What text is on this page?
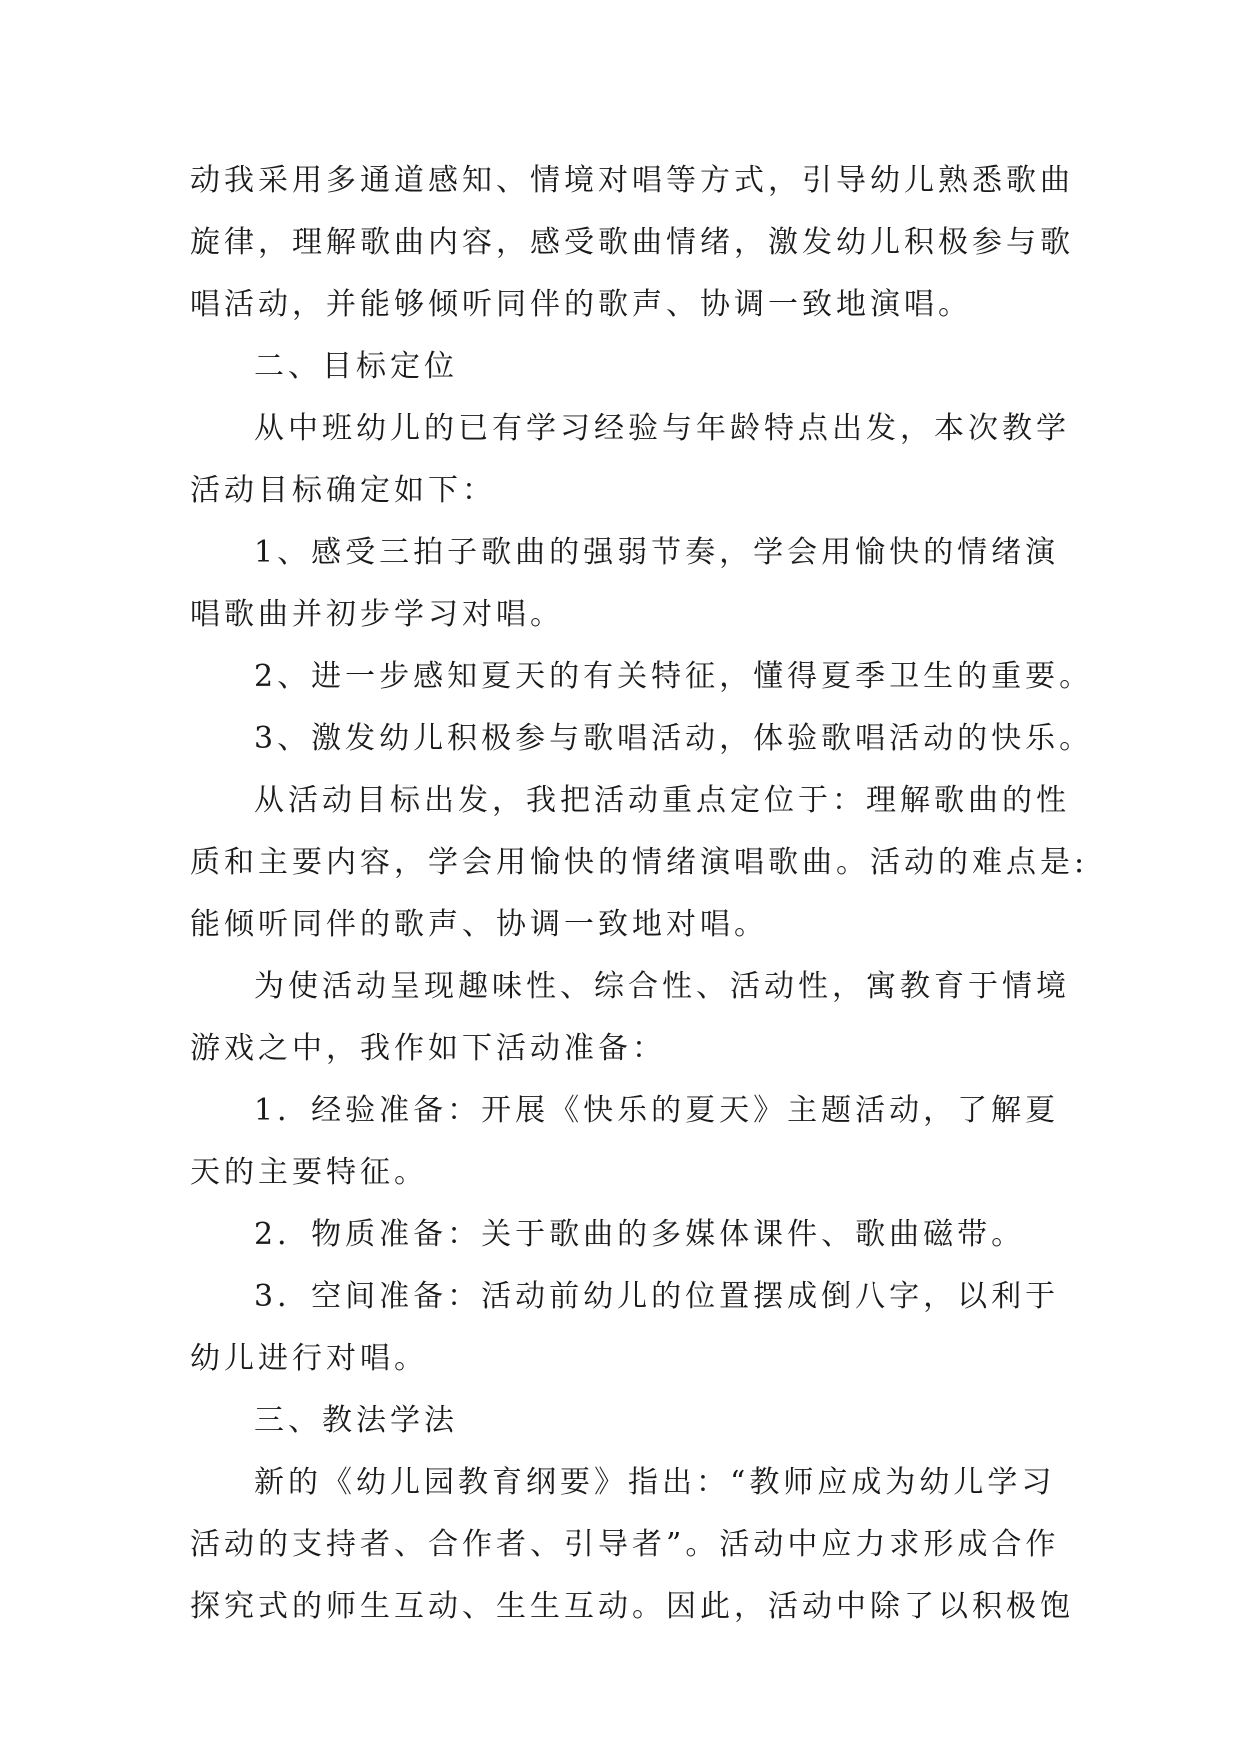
动我采用多通道感知、情境对唱等方式，引导幼儿熟悉歌曲
旋律，理解歌曲内容，感受歌曲情绪，激发幼儿积极参与歌
唱活动，并能够倾听同伴的歌声、协调一致地演唱。
二、目标定位
从中班幼儿的已有学习经验与年龄特点出发，本次教学
活动目标确定如下：
1、感受三拍子歌曲的强弱节奏，学会用愉快的情绪演
唱歌曲并初步学习对唱。
2、进一步感知夏天的有关特征，懂得夏季卫生的重要。
3、激发幼儿积极参与歌唱活动，体验歌唱活动的快乐。
从活动目标出发，我把活动重点定位于：理解歌曲的性
质和主要内容，学会用愉快的情绪演唱歌曲。活动的难点是:
能倾听同伴的歌声、协调一致地对唱。
为使活动呈现趣味性、综合性、活动性，寓教育于情境
游戏之中，我作如下活动准备：
1．经验准备：开展《快乐的夏天》主题活动，了解夏
天的主要特征。
2．物质准备：关于歌曲的多媒体课件、歌曲磁带。
3．空间准备：活动前幼儿的位置摆成倒八字，以利于
幼儿进行对唱。
三、教法学法
新的《幼儿园教育纲要》指出：“教师应成为幼儿学习
活动的支持者、合作者、引导者”。活动中应力求形成合作
探究式的师生互动、生生互动。因此，活动中除了以积极饱
